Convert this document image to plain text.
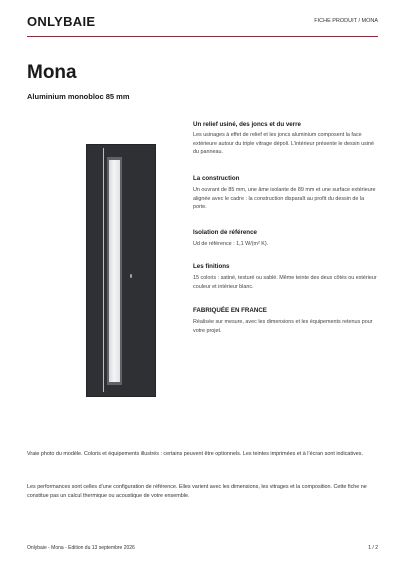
ONLYBAIE	FICHE PRODUIT / MONA
Mona
Aluminium monobloc 85 mm
Un relief usiné, des joncs et du verre

Les usinages à effet de relief et les joncs aluminium composent la face extérieure autour du triple vitrage dépoli. L’intérieur présente le dessin usiné du panneau.

La construction

Un ouvrant de 85 mm, une âme isolante de 89 mm et une surface extérieure alignée avec le cadre : la construction disparaît au profit du dessin de la porte.

Isolation de référence

Ud de référence : 1,1 W/(m² K).

Les finitions

15 coloris : satiné, texturé ou sablé. Même teinte des deux côtés ou extérieur couleur et intérieur blanc.

FABRIQUÉE EN FRANCE

Réalisée sur mesure, avec les dimensions et les équipements retenus pour votre projet.

Vraie photo du modèle. Coloris et équipements illustrés : certains peuvent être optionnels. Les teintes imprimées et à l’écran sont indicatives.

Les performances sont celles d’une configuration de référence. Elles varient avec les dimensions, les vitrages et la composition. Cette fiche ne constitue pas un calcul thermique ou acoustique de votre ensemble.

Onlybaie - Mona - Edition du 13 septembre 2026	1 / 2
